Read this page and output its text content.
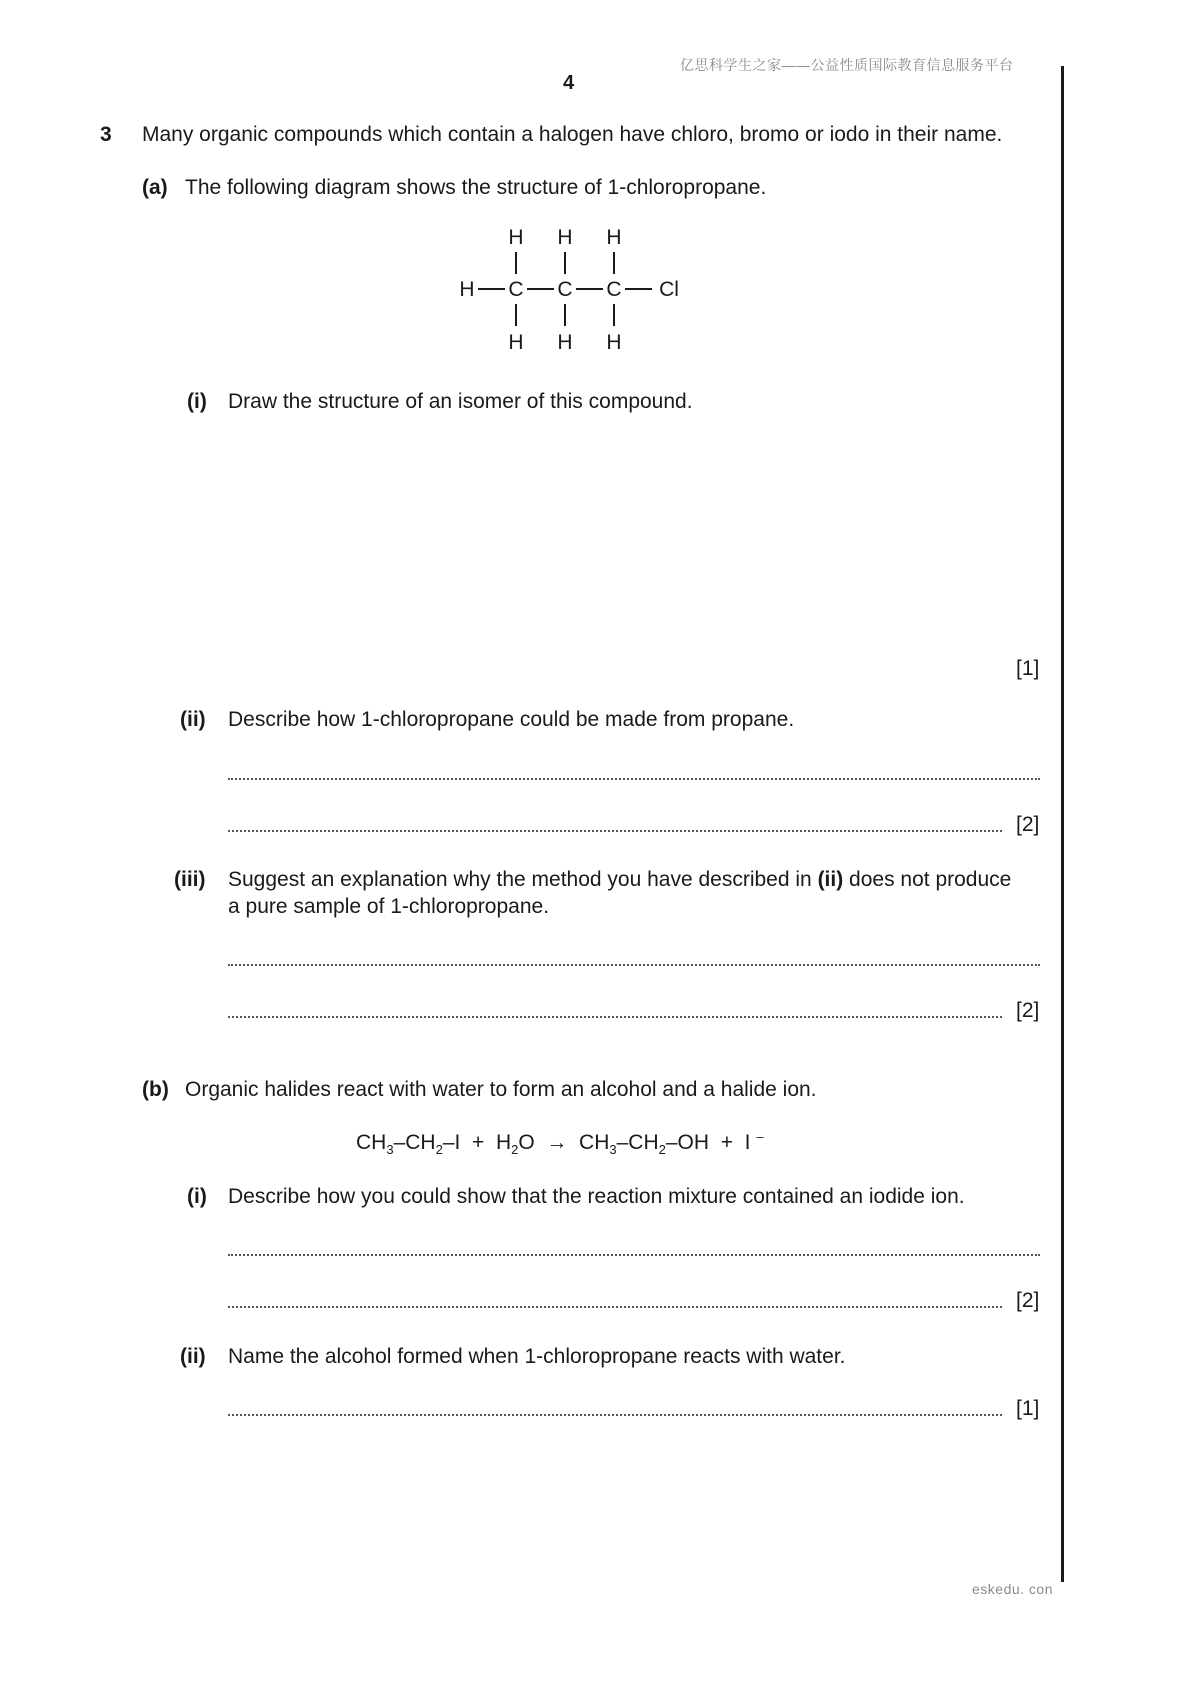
亿思科学生之家——公益性质国际教育信息服务平台
4
3 Many organic compounds which contain a halogen have chloro, bromo or iodo in their name.
(a) The following diagram shows the structure of 1-chloropropane.
H H H
H C C C Cl
H H H
(i) Draw the structure of an isomer of this compound.
[1]
(ii) Describe how 1-chloropropane could be made from propane.
[2]
(iii) Suggest an explanation why the method you have described in (ii) does not produce
a pure sample of 1-chloropropane.
[2]
(b) Organic halides react with water to form an alcohol and a halide ion.
$CH_3-CH_2-I + H_2O \to CH_3-CH_2-OH + I$ –
(i) Describe how you could show that the reaction mixture contained an iodide ion.
[2]
(ii) Name the alcohol formed when 1-chloropropane reacts with water.
[1]
eskedu. con
